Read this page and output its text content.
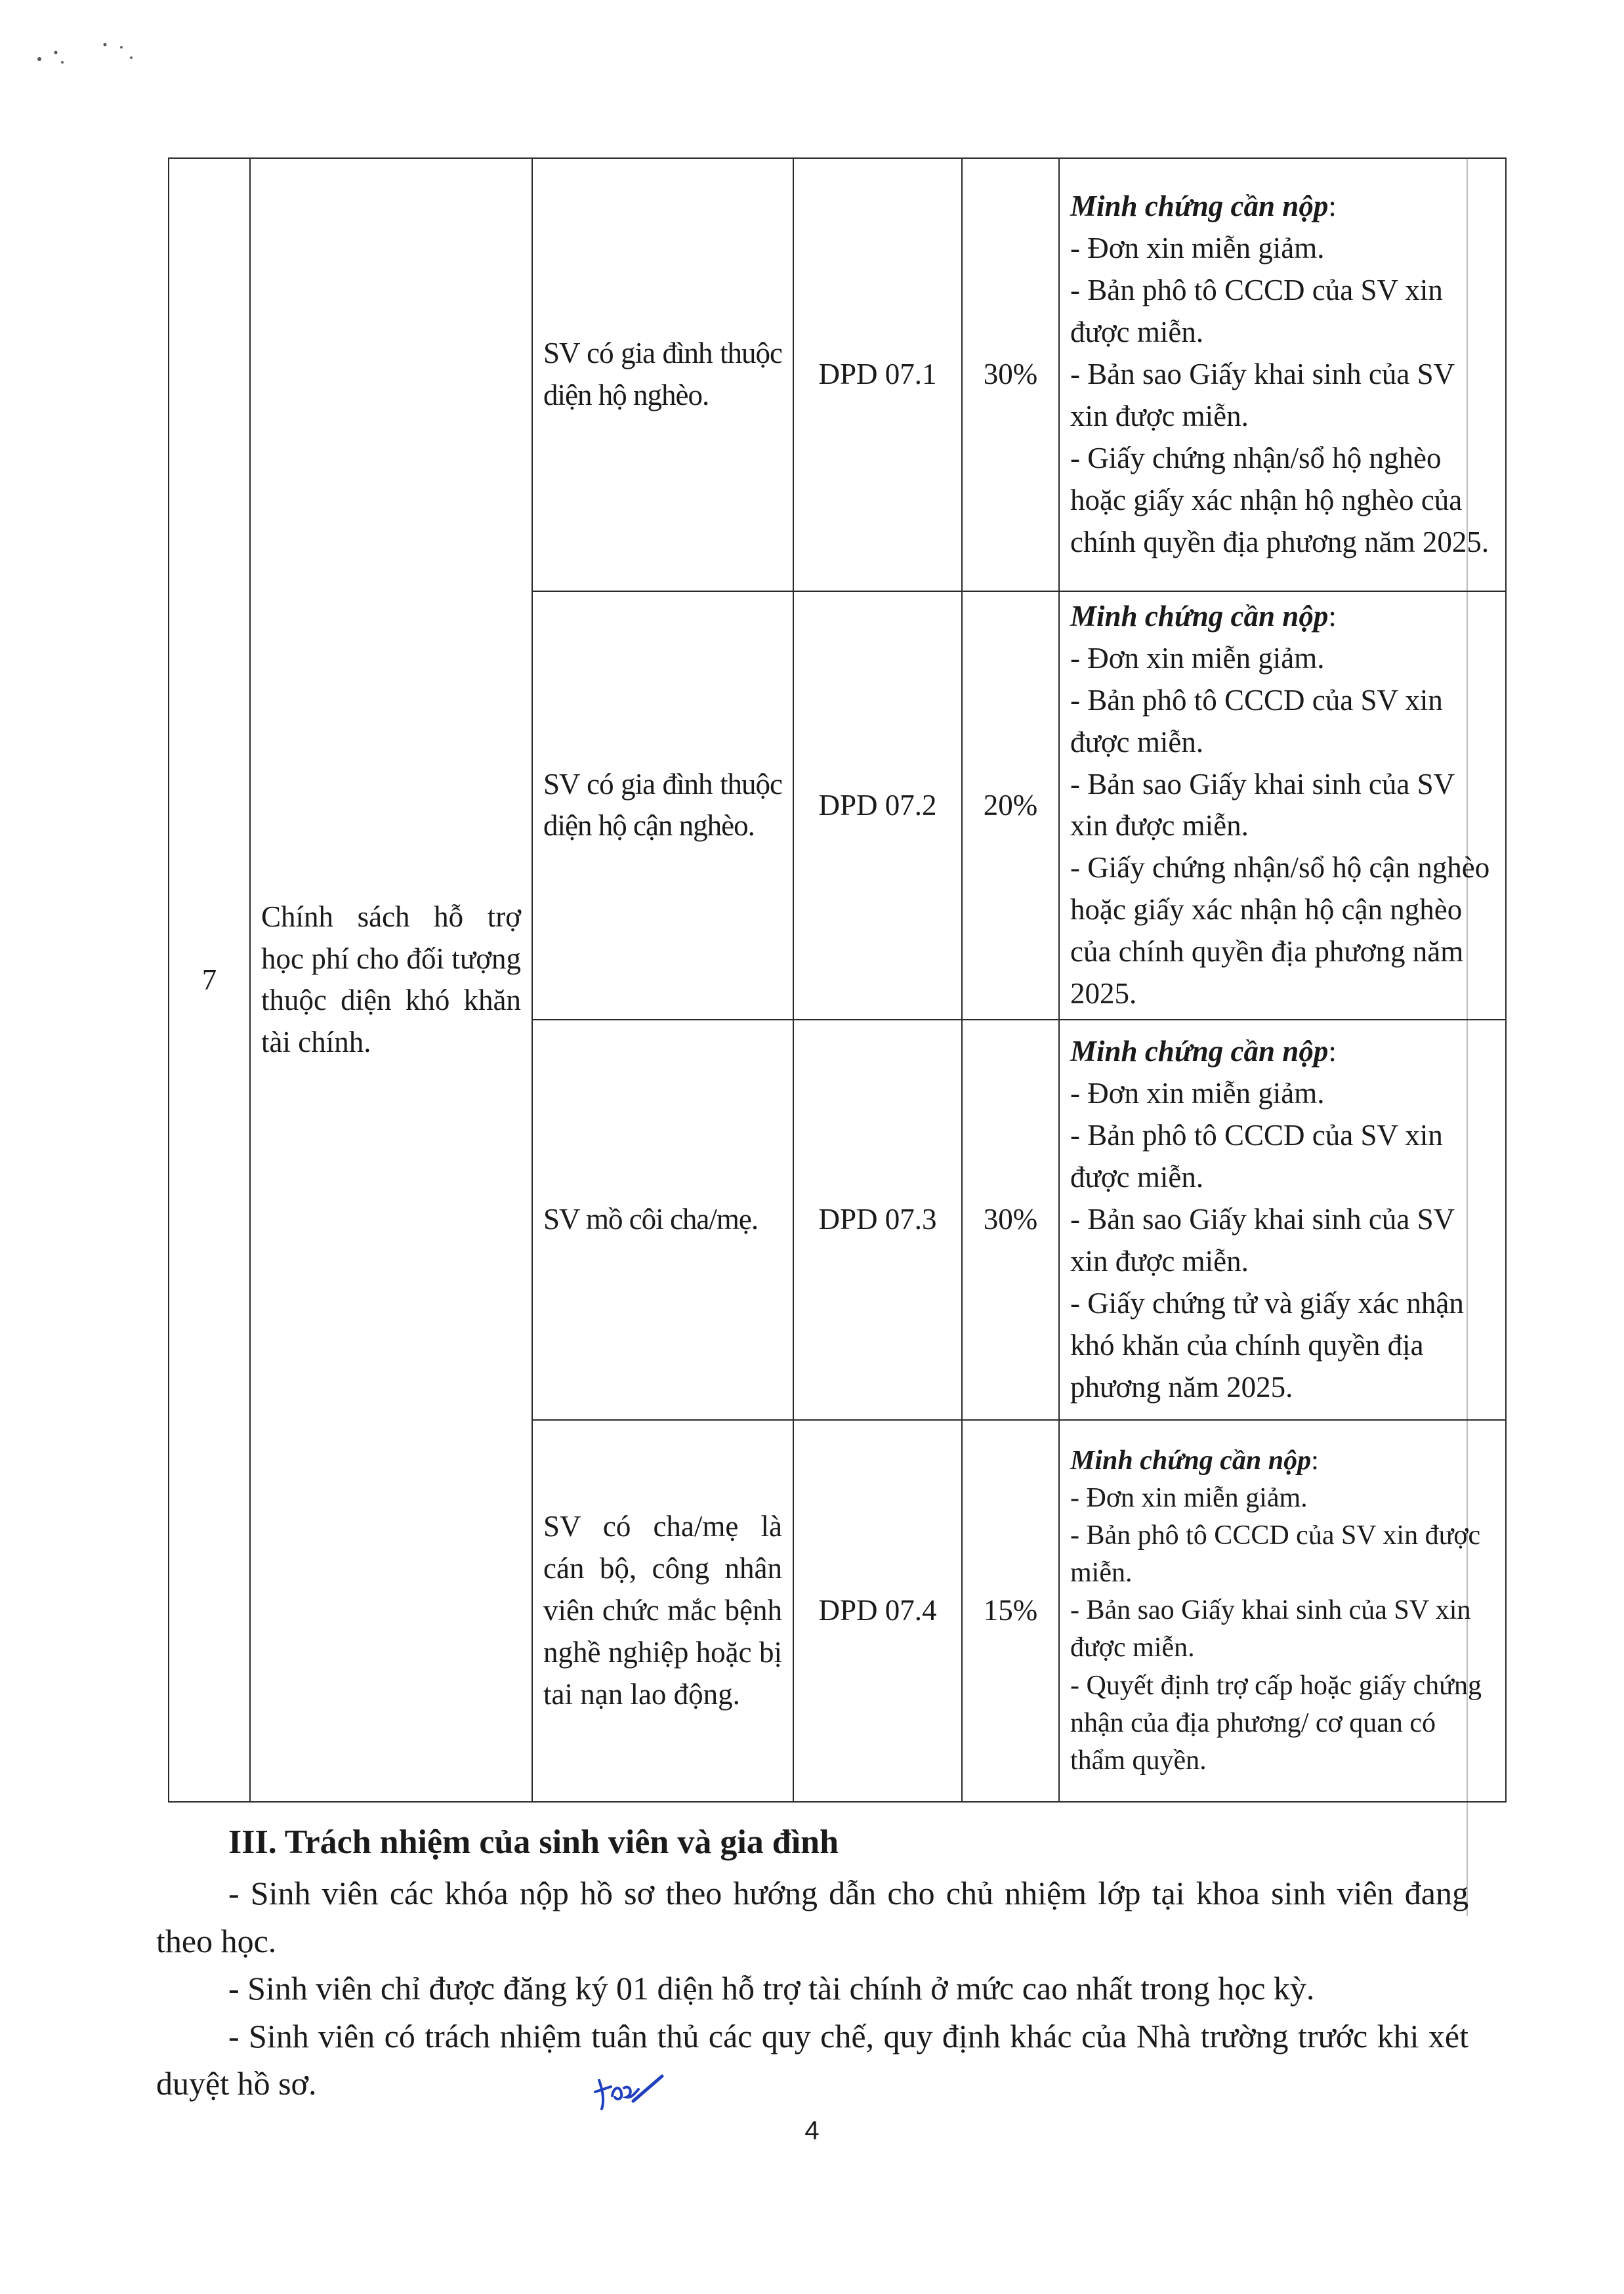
7	Chính sách hỗ trợ học phí cho đối tượng thuộc diện khó khăn tài chính.	SV có gia đình thuộc diện hộ nghèo.	DPD 07.1	30%	Minh chứng cần nộp:
- Đơn xin miễn giảm.
- Bản phô tô CCCD của SV xin được miễn.
- Bản sao Giấy khai sinh của SV xin được miễn.
- Giấy chứng nhận/sổ hộ nghèo hoặc giấy xác nhận hộ nghèo của chính quyền địa phương năm 2025.

		SV có gia đình thuộc diện hộ cận nghèo.	DPD 07.2	20%	Minh chứng cần nộp:
- Đơn xin miễn giảm.
- Bản phô tô CCCD của SV xin được miễn.
- Bản sao Giấy khai sinh của SV xin được miễn.
- Giấy chứng nhận/sổ hộ cận nghèo hoặc giấy xác nhận hộ cận nghèo của chính quyền địa phương năm 2025.

		SV mồ côi cha/mẹ.	DPD 07.3	30%	Minh chứng cần nộp:
- Đơn xin miễn giảm.
- Bản phô tô CCCD của SV xin được miễn.
- Bản sao Giấy khai sinh của SV xin được miễn.
- Giấy chứng tử và giấy xác nhận khó khăn của chính quyền địa phương năm 2025.

		SV có cha/mẹ là cán bộ, công nhân viên chức mắc bệnh nghề nghiệp hoặc bị tai nạn lao động.	DPD 07.4	15%	Minh chứng cần nộp:
- Đơn xin miễn giảm.
- Bản phô tô CCCD của SV xin được miễn.
- Bản sao Giấy khai sinh của SV xin được miễn.
- Quyết định trợ cấp hoặc giấy chứng nhận của địa phương/ cơ quan có thẩm quyền.
III. Trách nhiệm của sinh viên và gia đình

- Sinh viên các khóa nộp hồ sơ theo hướng dẫn cho chủ nhiệm lớp tại khoa sinh viên đang theo học.

- Sinh viên chỉ được đăng ký 01 diện hỗ trợ tài chính ở mức cao nhất trong học kỳ.

- Sinh viên có trách nhiệm tuân thủ các quy chế, quy định khác của Nhà trường trước khi xét duyệt hồ sơ.

4
